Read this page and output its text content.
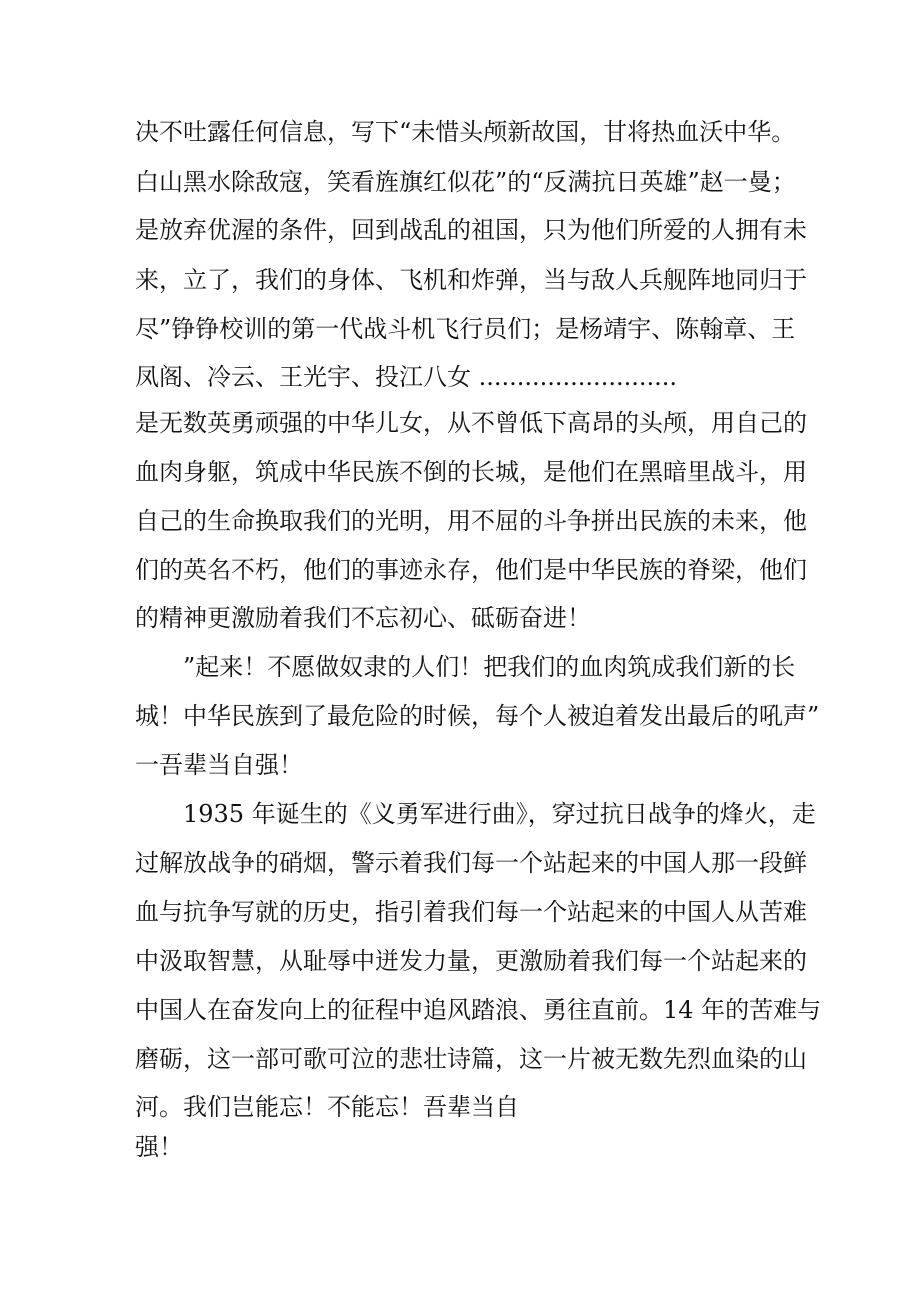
决不吐露任何信息，写下“未惜头颅新故国，甘将热血沃中华。
白山黑水除敌寇，笑看旌旗红似花”的“反满抗日英雄”赵一曼；
是放弃优渥的条件，回到战乱的祖国，只为他们所爱的人拥有未
来，立了，我们的身体、飞机和炸弹，当与敌人兵舰阵地同归于
尽”铮铮校训的第一代战斗机飞行员们；是杨靖宇、陈翰章、王
凤阁、冷云、王光宇、投江八女 ..........................
是无数英勇顽强的中华儿女，从不曾低下高昂的头颅，用自己的
血肉身躯，筑成中华民族不倒的长城，是他们在黑暗里战斗，用
自己的生命换取我们的光明，用不屈的斗争拼出民族的未来，他
们的英名不朽，他们的事迹永存，他们是中华民族的脊梁，他们
的精神更激励着我们不忘初心、砥砺奋进！
”起来！不愿做奴隶的人们！把我们的血肉筑成我们新的长
城！中华民族到了最危险的时候，每个人被迫着发出最后的吼声”
一吾辈当自强！
1935 年诞生的《义勇军进行曲》，穿过抗日战争的烽火，走
过解放战争的硝烟，警示着我们每一个站起来的中国人那一段鲜
血与抗争写就的历史，指引着我们每一个站起来的中国人从苦难
中汲取智慧，从耻辱中迸发力量，更激励着我们每一个站起来的
中国人在奋发向上的征程中追风踏浪、勇往直前。14 年的苦难与
磨砺，这一部可歌可泣的悲壮诗篇，这一片被无数先烈血染的山
河。我们岂能忘！不能忘！吾辈当自
强！
